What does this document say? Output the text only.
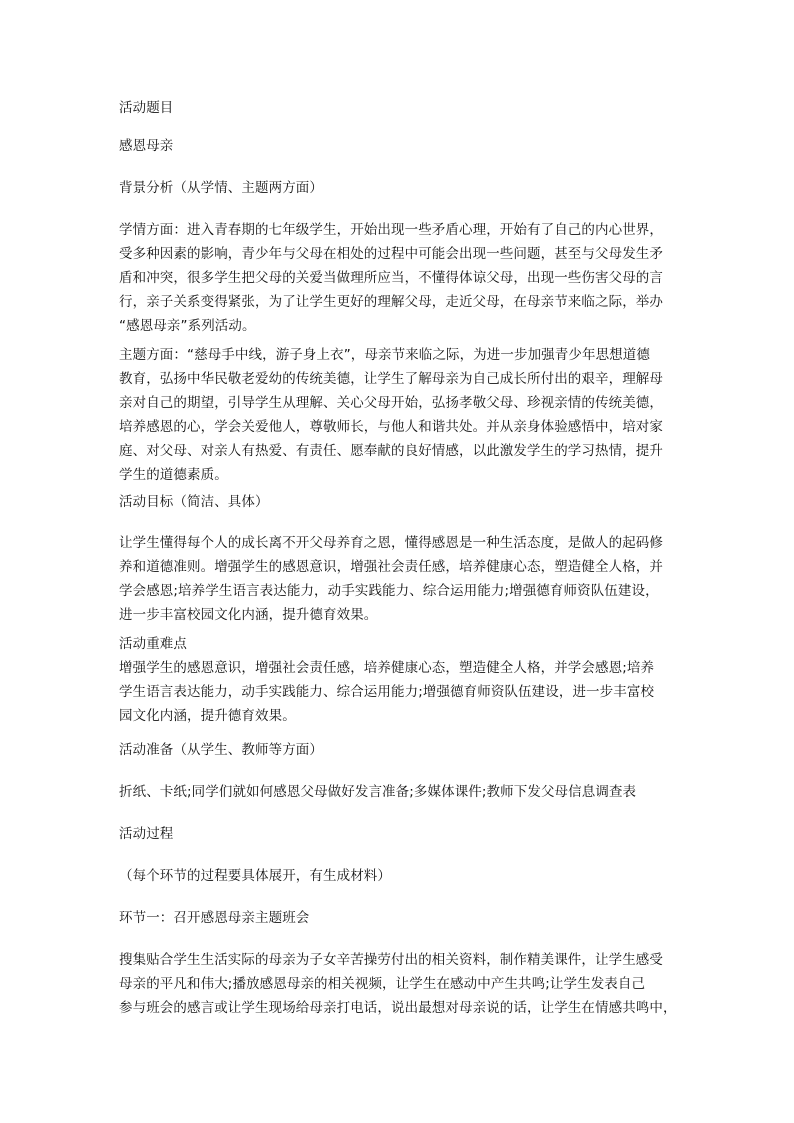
活动题目

感恩母亲

背景分析（从学情、主题两方面）

学情方面：进入青春期的七年级学生，开始出现一些矛盾心理，开始有了自己的内心世界，
受多种因素的影响，青少年与父母在相处的过程中可能会出现一些问题，甚至与父母发生矛
盾和冲突，很多学生把父母的关爱当做理所应当，不懂得体谅父母，出现一些伤害父母的言
行，亲子关系变得紧张，为了让学生更好的理解父母，走近父母，在母亲节来临之际，举办
“感恩母亲”系列活动。

主题方面：“慈母手中线，游子身上衣”，母亲节来临之际，为进一步加强青少年思想道德
教育，弘扬中华民敬老爱幼的传统美德，让学生了解母亲为自己成长所付出的艰辛，理解母
亲对自己的期望，引导学生从理解、关心父母开始，弘扬孝敬父母、珍视亲情的传统美德，
培养感恩的心，学会关爱他人，尊敬师长，与他人和谐共处。并从亲身体验感悟中，培对家
庭、对父母、对亲人有热爱、有责任、愿奉献的良好情感，以此激发学生的学习热情，提升
学生的道德素质。

活动目标（简洁、具体）

让学生懂得每个人的成长离不开父母养育之恩，懂得感恩是一种生活态度，是做人的起码修
养和道德准则。增强学生的感恩意识，增强社会责任感，培养健康心态，塑造健全人格，并
学会感恩;培养学生语言表达能力，动手实践能力、综合运用能力;增强德育师资队伍建设，
进一步丰富校园文化内涵，提升德育效果。

活动重难点

增强学生的感恩意识，增强社会责任感，培养健康心态，塑造健全人格，并学会感恩;培养
学生语言表达能力，动手实践能力、综合运用能力;增强德育师资队伍建设，进一步丰富校
园文化内涵，提升德育效果。

活动准备（从学生、教师等方面）

折纸、卡纸;同学们就如何感恩父母做好发言准备;多媒体课件;教师下发父母信息调查表

活动过程

（每个环节的过程要具体展开，有生成材料）

环节一：召开感恩母亲主题班会

搜集贴合学生生活实际的母亲为子女辛苦操劳付出的相关资料，制作精美课件，让学生感受
母亲的平凡和伟大;播放感恩母亲的相关视频，让学生在感动中产生共鸣;让学生发表自己
参与班会的感言或让学生现场给母亲打电话，说出最想对母亲说的话，让学生在情感共鸣中，
